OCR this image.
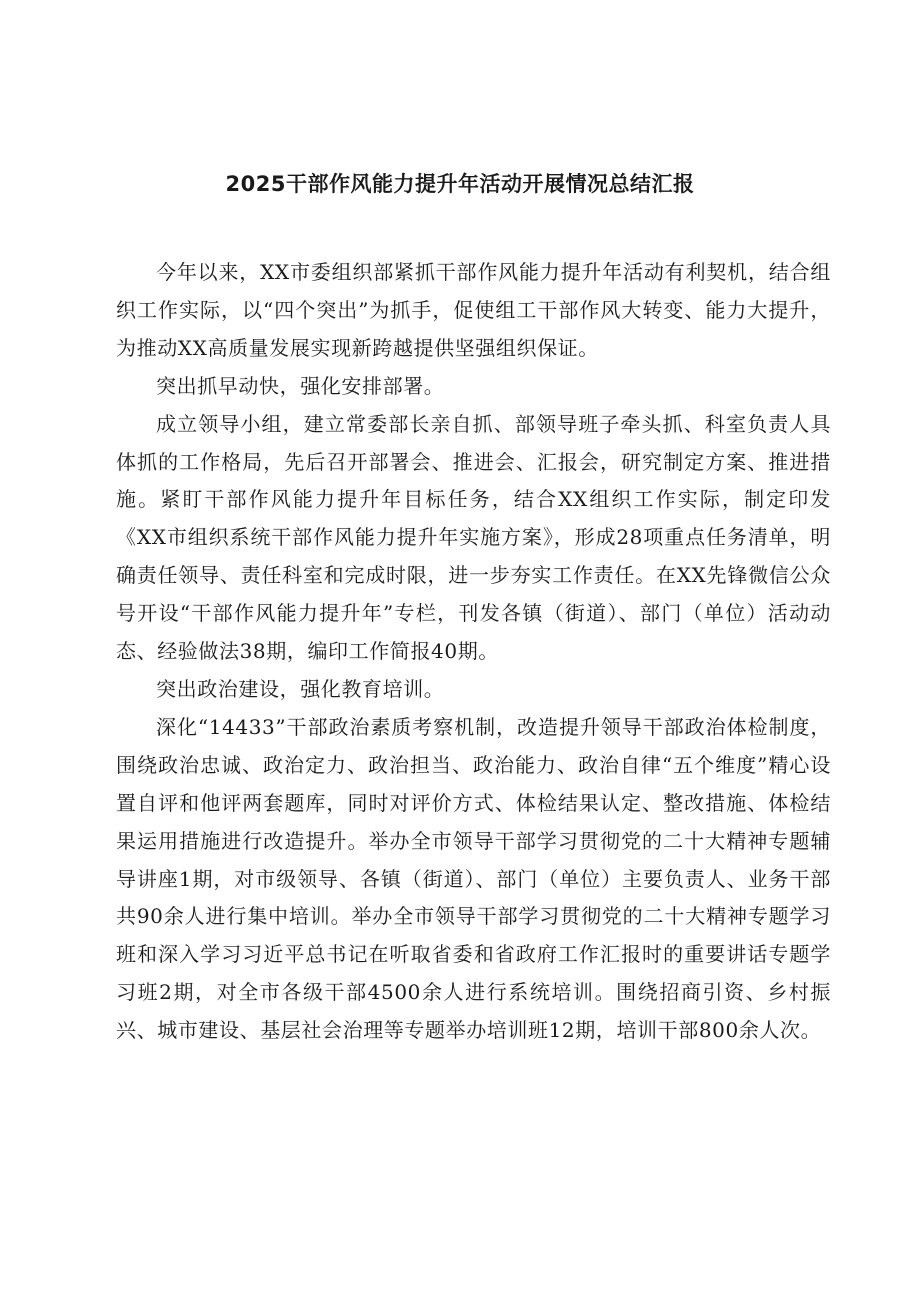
2025干部作风能力提升年活动开展情况总结汇报

今年以来，XX市委组织部紧抓干部作风能力提升年活动有利契机，结合组织工作实际，以“四个突出”为抓手，促使组工干部作风大转变、能力大提升，为推动XX高质量发展实现新跨越提供坚强组织保证。

突出抓早动快，强化安排部署。

成立领导小组，建立常委部长亲自抓、部领导班子牵头抓、科室负责人具体抓的工作格局，先后召开部署会、推进会、汇报会，研究制定方案、推进措施。紧盯干部作风能力提升年目标任务，结合XX组织工作实际，制定印发《XX市组织系统干部作风能力提升年实施方案》，形成28项重点任务清单，明确责任领导、责任科室和完成时限，进一步夯实工作责任。在XX先锋微信公众号开设“干部作风能力提升年”专栏，刊发各镇（街道）、部门（单位）活动动态、经验做法38期，编印工作简报40期。

突出政治建设，强化教育培训。

深化“14433”干部政治素质考察机制，改造提升领导干部政治体检制度，围绕政治忠诚、政治定力、政治担当、政治能力、政治自律“五个维度”精心设置自评和他评两套题库，同时对评价方式、体检结果认定、整改措施、体检结果运用措施进行改造提升。举办全市领导干部学习贯彻党的二十大精神专题辅导讲座1期，对市级领导、各镇（街道）、部门（单位）主要负责人、业务干部共90余人进行集中培训。举办全市领导干部学习贯彻党的二十大精神专题学习班和深入学习习近平总书记在听取省委和省政府工作汇报时的重要讲话专题学习班2期，对全市各级干部4500余人进行系统培训。围绕招商引资、乡村振兴、城市建设、基层社会治理等专题举办培训班12期，培训干部800余人次。
